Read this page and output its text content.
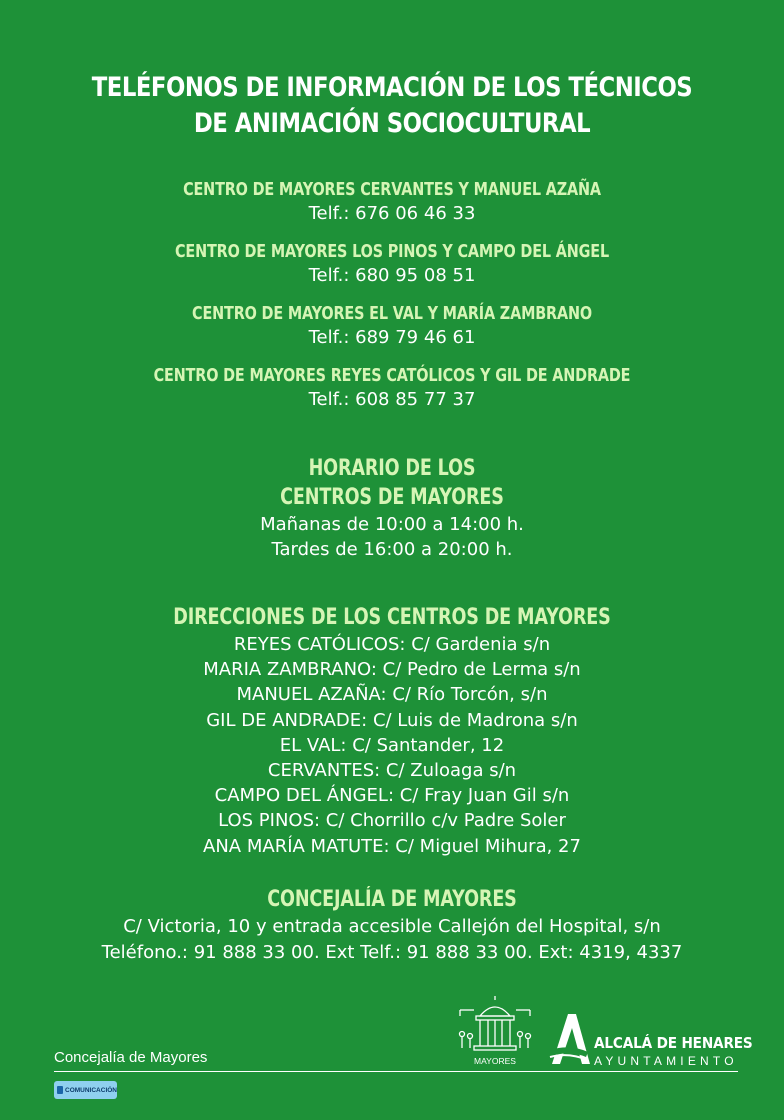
TELÉFONOS DE INFORMACIÓN DE LOS TÉCNICOS
DE ANIMACIÓN SOCIOCULTURAL
CENTRO DE MAYORES CERVANTES Y MANUEL AZAÑA
Telf.: 676 06 46 33
CENTRO DE MAYORES LOS PINOS Y CAMPO DEL ÁNGEL
Telf.: 680 95 08 51
CENTRO DE MAYORES EL VAL Y MARÍA ZAMBRANO
Telf.: 689 79 46 61
CENTRO DE MAYORES REYES CATÓLICOS Y GIL DE ANDRADE
Telf.: 608 85 77 37
HORARIO DE LOS
CENTROS DE MAYORES
Mañanas de 10:00 a 14:00 h.
Tardes de 16:00 a 20:00 h.
DIRECCIONES DE LOS CENTROS DE MAYORES
REYES CATÓLICOS: C/ Gardenia s/n
MARIA ZAMBRANO: C/ Pedro de Lerma s/n
MANUEL AZAÑA: C/ Río Torcón, s/n
GIL DE ANDRADE: C/ Luis de Madrona s/n
EL VAL: C/ Santander, 12
CERVANTES: C/ Zuloaga s/n
CAMPO DEL ÁNGEL: C/ Fray Juan Gil s/n
LOS PINOS: C/ Chorrillo c/v Padre Soler
ANA MARÍA MATUTE: C/ Miguel Mihura, 27
CONCEJALÍA DE MAYORES
C/ Victoria, 10 y entrada accesible Callejón del Hospital, s/n
Teléfono.: 91 888 33 00. Ext Telf.: 91 888 33 00. Ext: 4319, 4337
MAYORES
ALCALÁ DE HENARES
AYUNTAMIENTO
Concejalía de Mayores
COMUNICACIÓN
